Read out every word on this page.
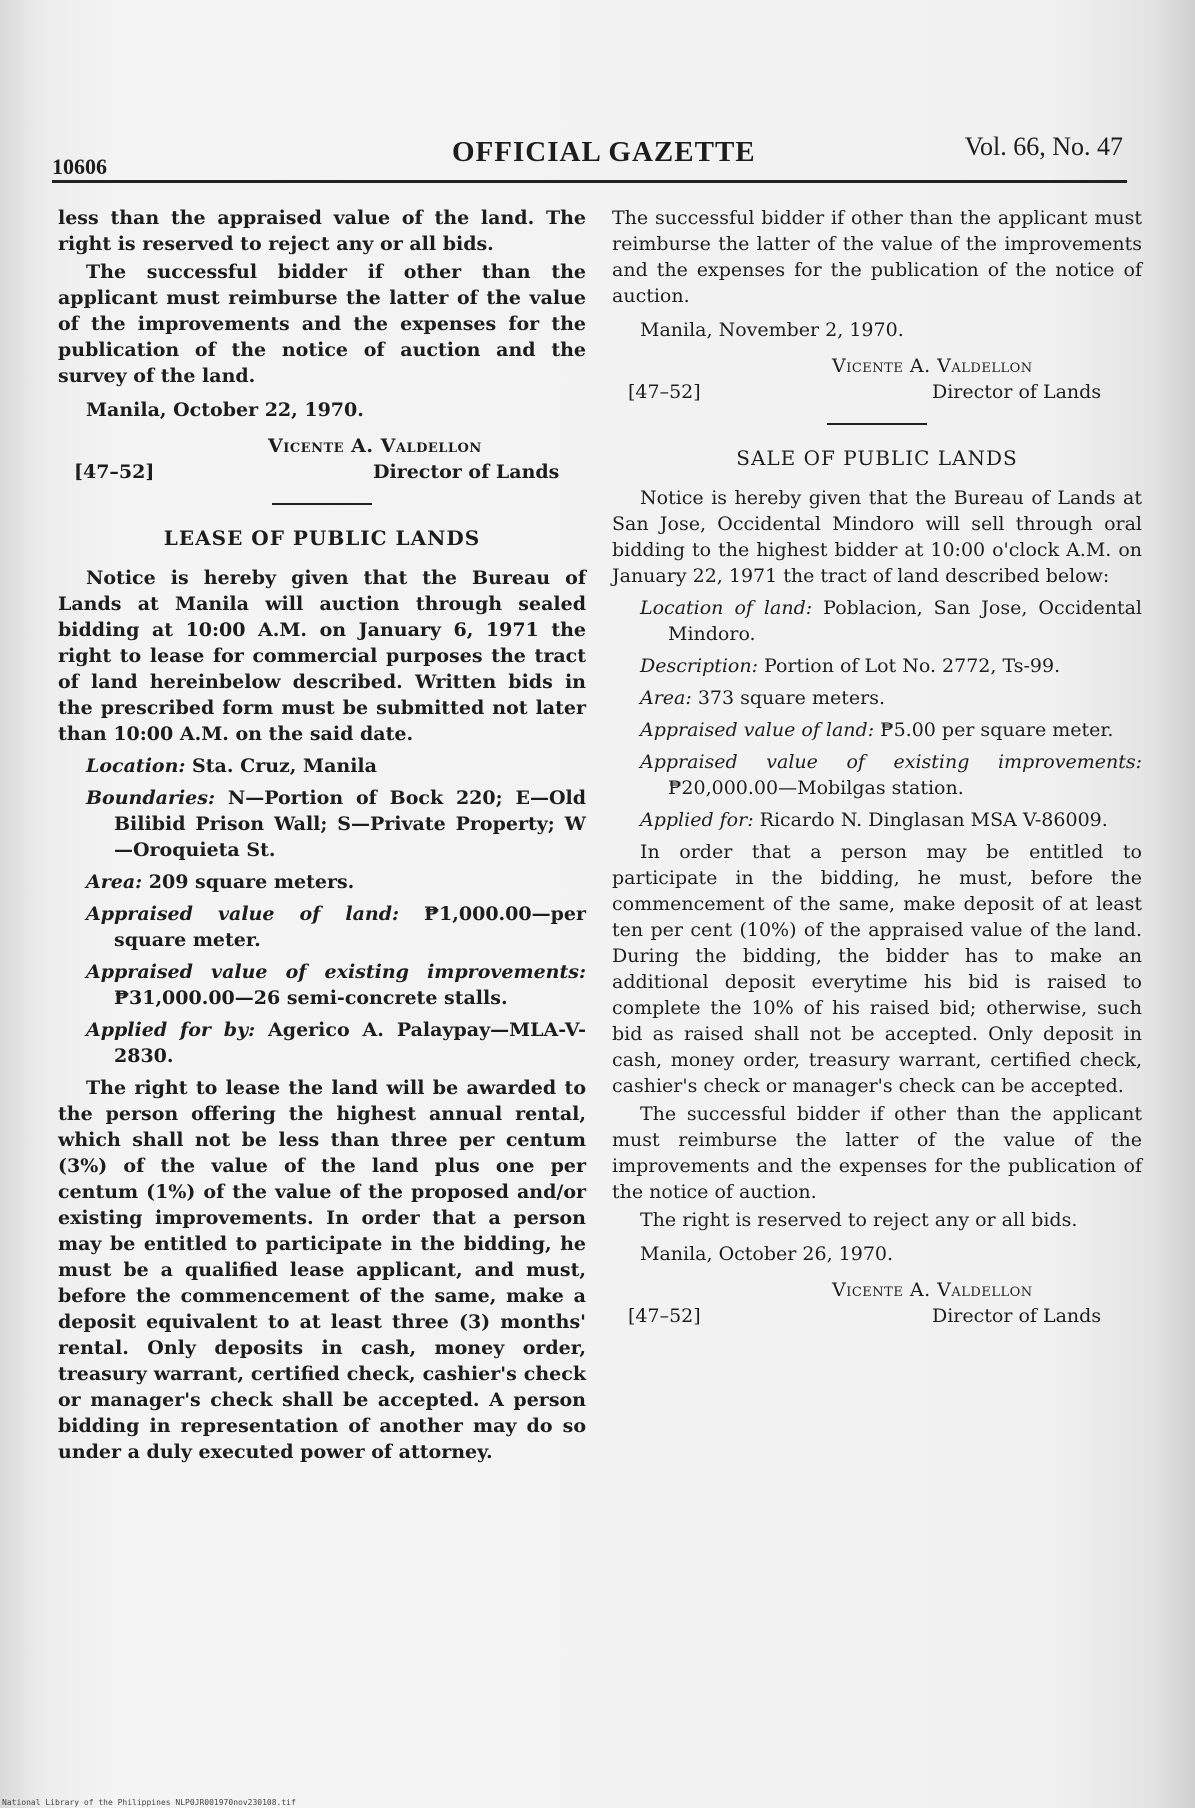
10606	OFFICIAL GAZETTE	Vol. 66, No. 47

less than the appraised value of the land. The right is reserved to reject any or all bids.

The successful bidder if other than the applicant must reimburse the latter of the value of the improvements and the expenses for the publication of the notice of auction and the survey of the land.

Manila, October 22, 1970.

Vicente A. Valdellon
Director of Lands
[47–52]
LEASE OF PUBLIC LANDS

Notice is hereby given that the Bureau of Lands at Manila will auction through sealed bidding at 10:00 A.M. on January 6, 1971 the right to lease for commercial purposes the tract of land hereinbelow described. Written bids in the prescribed form must be submitted not later than 10:00 A.M. on the said date.

Location: Sta. Cruz, Manila

Boundaries: N—Portion of Bock 220; E—Old Bilibid Prison Wall; S—Private Property; W—Oroquieta St.

Area: 209 square meters.

Appraised value of land: ₱1,000.00—per square meter.

Appraised value of existing improvements: ₱31,000.00—26 semi-concrete stalls.

Applied for by: Agerico A. Palaypay—MLA-V-2830.

The right to lease the land will be awarded to the person offering the highest annual rental, which shall not be less than three per centum (3%) of the value of the land plus one per centum (1%) of the value of the proposed and/or existing improvements. In order that a person may be entitled to participate in the bidding, he must be a qualified lease applicant, and must, before the commencement of the same, make a deposit equivalent to at least three (3) months' rental. Only deposits in cash, money order, treasury warrant, certified check, cashier's check or manager's check shall be accepted. A person bidding in representation of another may do so under a duly executed power of attorney.

The successful bidder if other than the applicant must reimburse the latter of the value of the improvements and the expenses for the publication of the notice of auction.

Manila, November 2, 1970.

Vicente A. Valdellon
Director of Lands
[47–52]
SALE OF PUBLIC LANDS

Notice is hereby given that the Bureau of Lands at San Jose, Occidental Mindoro will sell through oral bidding to the highest bidder at 10:00 o'clock A.M. on January 22, 1971 the tract of land described below:

Location of land: Poblacion, San Jose, Occidental Mindoro.

Description: Portion of Lot No. 2772, Ts-99.

Area: 373 square meters.

Appraised value of land: ₱5.00 per square meter.

Appraised value of existing improvements: ₱20,000.00—Mobilgas station.

Applied for: Ricardo N. Dinglasan MSA V-86009.

In order that a person may be entitled to participate in the bidding, he must, before the commencement of the same, make deposit of at least ten per cent (10%) of the appraised value of the land. During the bidding, the bidder has to make an additional deposit everytime his bid is raised to complete the 10% of his raised bid; otherwise, such bid as raised shall not be accepted. Only deposit in cash, money order, treasury warrant, certified check, cashier's check or manager's check can be accepted.

The successful bidder if other than the applicant must reimburse the latter of the value of the improvements and the expenses for the publication of the notice of auction.

The right is reserved to reject any or all bids.

Manila, October 26, 1970.

Vicente A. Valdellon
Director of Lands
[47–52]
National Library of the Philippines NLP0JR001970nov230108.tif
